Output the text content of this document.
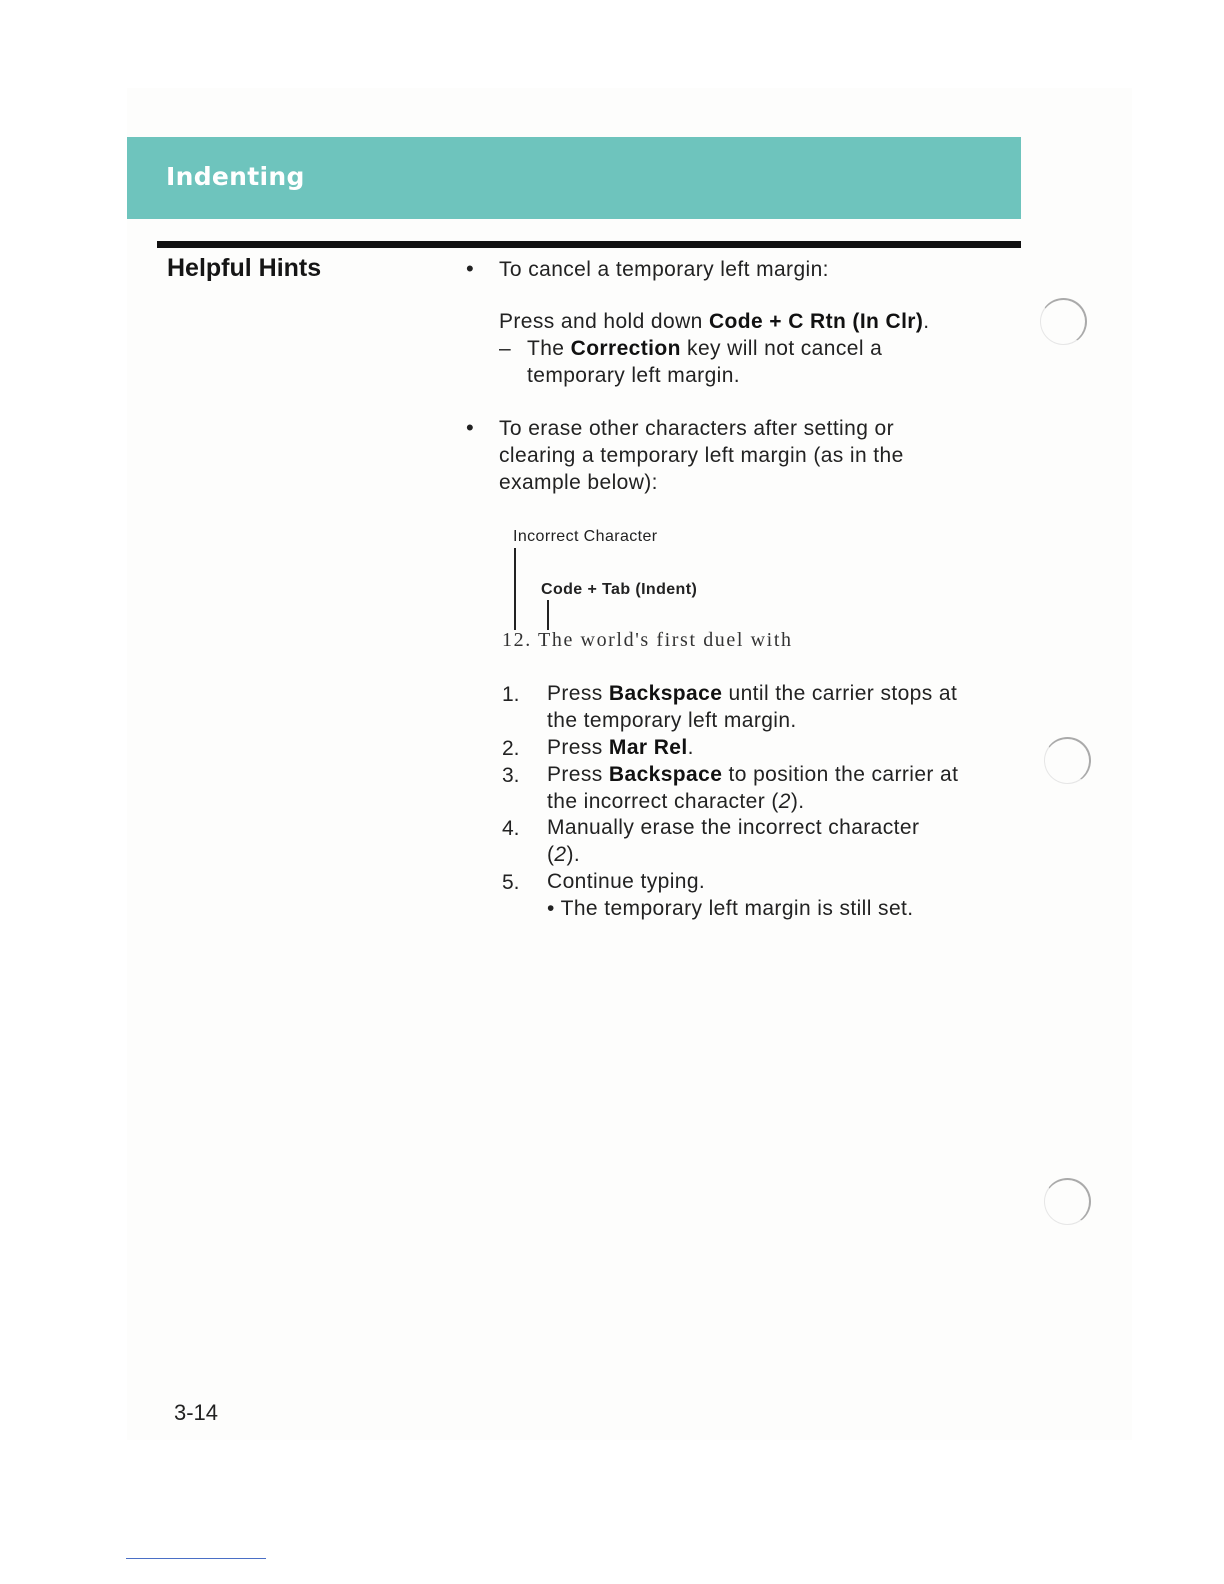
Indenting
Helpful Hints	• To cancel a temporary left margin:
Press and hold down Code + C Rtn (In Clr).
– The Correction key will not cancel a
temporary left margin.
• To erase other characters after setting or
clearing a temporary left margin (as in the
example below):
Incorrect Character
Code + Tab (Indent)
12. The world's first duel with
1. Press Backspace until the carrier stops at
the temporary left margin.
2. Press Mar Rel.
3. Press Backspace to position the carrier at
the incorrect character (2).
4. Manually erase the incorrect character
(2).
5. Continue typing.
• The temporary left margin is still set.
3-14
